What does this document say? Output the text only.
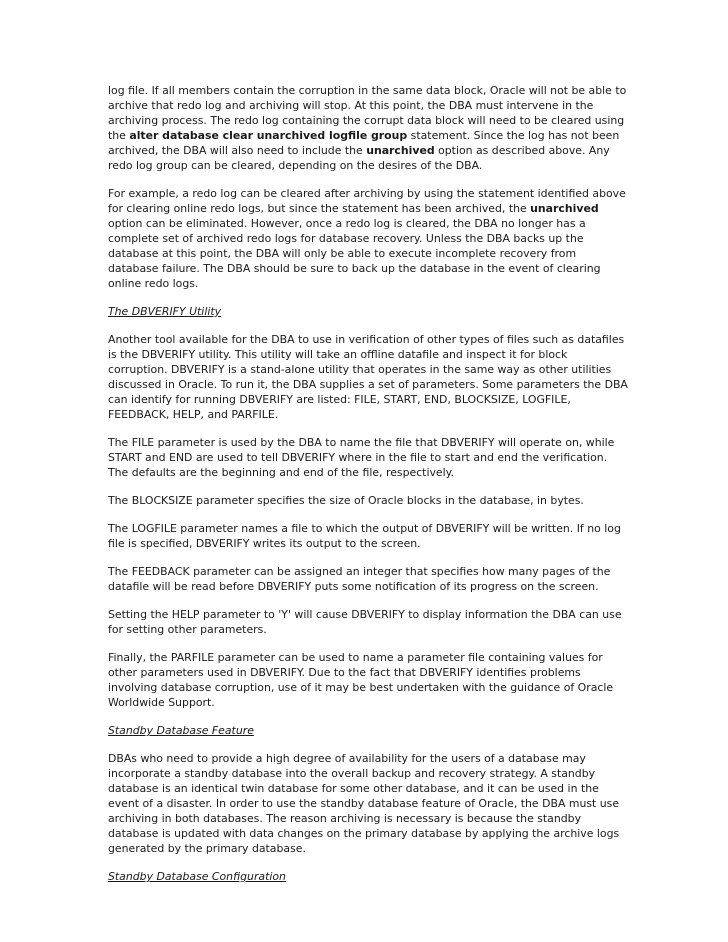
log file. If all members contain the corruption in the same data block, Oracle will not be able to archive that redo log and archiving will stop. At this point, the DBA must intervene in the archiving process. The redo log containing the corrupt data block will need to be cleared using the alter database clear unarchived logfile group statement. Since the log has not been archived, the DBA will also need to include the unarchived option as described above. Any redo log group can be cleared, depending on the desires of the DBA.

For example, a redo log can be cleared after archiving by using the statement identified above for clearing online redo logs, but since the statement has been archived, the unarchived option can be eliminated. However, once a redo log is cleared, the DBA no longer has a complete set of archived redo logs for database recovery. Unless the DBA backs up the database at this point, the DBA will only be able to execute incomplete recovery from database failure. The DBA should be sure to back up the database in the event of clearing online redo logs.

The DBVERIFY Utility

Another tool available for the DBA to use in verification of other types of files such as datafiles is the DBVERIFY utility. This utility will take an offline datafile and inspect it for block corruption. DBVERIFY is a stand-alone utility that operates in the same way as other utilities discussed in Oracle. To run it, the DBA supplies a set of parameters. Some parameters the DBA can identify for running DBVERIFY are listed: FILE, START, END, BLOCKSIZE, LOGFILE, FEEDBACK, HELP, and PARFILE.

The FILE parameter is used by the DBA to name the file that DBVERIFY will operate on, while START and END are used to tell DBVERIFY where in the file to start and end the verification. The defaults are the beginning and end of the file, respectively.

The BLOCKSIZE parameter specifies the size of Oracle blocks in the database, in bytes.

The LOGFILE parameter names a file to which the output of DBVERIFY will be written. If no log file is specified, DBVERIFY writes its output to the screen.

The FEEDBACK parameter can be assigned an integer that specifies how many pages of the datafile will be read before DBVERIFY puts some notification of its progress on the screen.

Setting the HELP parameter to 'Y' will cause DBVERIFY to display information the DBA can use for setting other parameters.

Finally, the PARFILE parameter can be used to name a parameter file containing values for other parameters used in DBVERIFY. Due to the fact that DBVERIFY identifies problems involving database corruption, use of it may be best undertaken with the guidance of Oracle Worldwide Support.

Standby Database Feature

DBAs who need to provide a high degree of availability for the users of a database may incorporate a standby database into the overall backup and recovery strategy. A standby database is an identical twin database for some other database, and it can be used in the event of a disaster. In order to use the standby database feature of Oracle, the DBA must use archiving in both databases. The reason archiving is necessary is because the standby database is updated with data changes on the primary database by applying the archive logs generated by the primary database.

Standby Database Configuration
